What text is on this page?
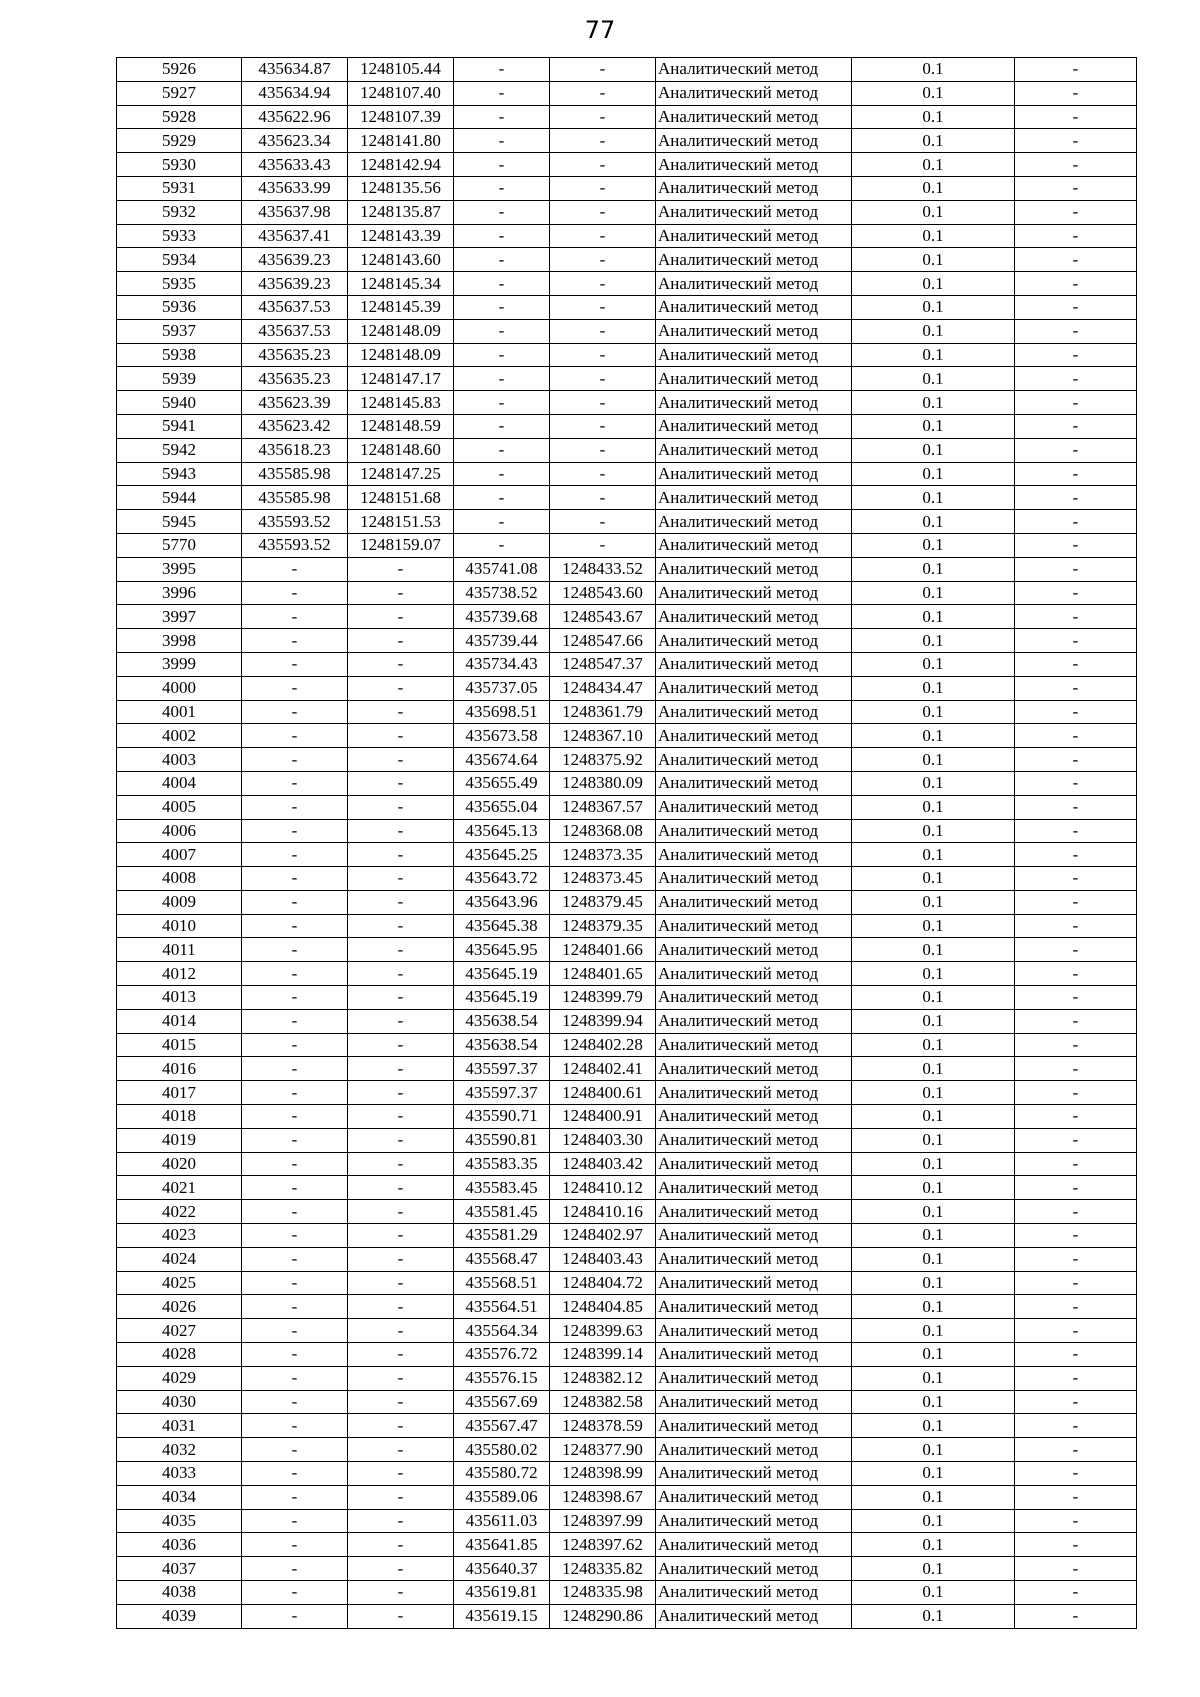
77
5926	435634.87	1248105.44	-	-	Аналитический метод	0.1	-
5927	435634.94	1248107.40	-	-	Аналитический метод	0.1	-
5928	435622.96	1248107.39	-	-	Аналитический метод	0.1	-
5929	435623.34	1248141.80	-	-	Аналитический метод	0.1	-
5930	435633.43	1248142.94	-	-	Аналитический метод	0.1	-
5931	435633.99	1248135.56	-	-	Аналитический метод	0.1	-
5932	435637.98	1248135.87	-	-	Аналитический метод	0.1	-
5933	435637.41	1248143.39	-	-	Аналитический метод	0.1	-
5934	435639.23	1248143.60	-	-	Аналитический метод	0.1	-
5935	435639.23	1248145.34	-	-	Аналитический метод	0.1	-
5936	435637.53	1248145.39	-	-	Аналитический метод	0.1	-
5937	435637.53	1248148.09	-	-	Аналитический метод	0.1	-
5938	435635.23	1248148.09	-	-	Аналитический метод	0.1	-
5939	435635.23	1248147.17	-	-	Аналитический метод	0.1	-
5940	435623.39	1248145.83	-	-	Аналитический метод	0.1	-
5941	435623.42	1248148.59	-	-	Аналитический метод	0.1	-
5942	435618.23	1248148.60	-	-	Аналитический метод	0.1	-
5943	435585.98	1248147.25	-	-	Аналитический метод	0.1	-
5944	435585.98	1248151.68	-	-	Аналитический метод	0.1	-
5945	435593.52	1248151.53	-	-	Аналитический метод	0.1	-
5770	435593.52	1248159.07	-	-	Аналитический метод	0.1	-
3995	-	-	435741.08	1248433.52	Аналитический метод	0.1	-
3996	-	-	435738.52	1248543.60	Аналитический метод	0.1	-
3997	-	-	435739.68	1248543.67	Аналитический метод	0.1	-
3998	-	-	435739.44	1248547.66	Аналитический метод	0.1	-
3999	-	-	435734.43	1248547.37	Аналитический метод	0.1	-
4000	-	-	435737.05	1248434.47	Аналитический метод	0.1	-
4001	-	-	435698.51	1248361.79	Аналитический метод	0.1	-
4002	-	-	435673.58	1248367.10	Аналитический метод	0.1	-
4003	-	-	435674.64	1248375.92	Аналитический метод	0.1	-
4004	-	-	435655.49	1248380.09	Аналитический метод	0.1	-
4005	-	-	435655.04	1248367.57	Аналитический метод	0.1	-
4006	-	-	435645.13	1248368.08	Аналитический метод	0.1	-
4007	-	-	435645.25	1248373.35	Аналитический метод	0.1	-
4008	-	-	435643.72	1248373.45	Аналитический метод	0.1	-
4009	-	-	435643.96	1248379.45	Аналитический метод	0.1	-
4010	-	-	435645.38	1248379.35	Аналитический метод	0.1	-
4011	-	-	435645.95	1248401.66	Аналитический метод	0.1	-
4012	-	-	435645.19	1248401.65	Аналитический метод	0.1	-
4013	-	-	435645.19	1248399.79	Аналитический метод	0.1	-
4014	-	-	435638.54	1248399.94	Аналитический метод	0.1	-
4015	-	-	435638.54	1248402.28	Аналитический метод	0.1	-
4016	-	-	435597.37	1248402.41	Аналитический метод	0.1	-
4017	-	-	435597.37	1248400.61	Аналитический метод	0.1	-
4018	-	-	435590.71	1248400.91	Аналитический метод	0.1	-
4019	-	-	435590.81	1248403.30	Аналитический метод	0.1	-
4020	-	-	435583.35	1248403.42	Аналитический метод	0.1	-
4021	-	-	435583.45	1248410.12	Аналитический метод	0.1	-
4022	-	-	435581.45	1248410.16	Аналитический метод	0.1	-
4023	-	-	435581.29	1248402.97	Аналитический метод	0.1	-
4024	-	-	435568.47	1248403.43	Аналитический метод	0.1	-
4025	-	-	435568.51	1248404.72	Аналитический метод	0.1	-
4026	-	-	435564.51	1248404.85	Аналитический метод	0.1	-
4027	-	-	435564.34	1248399.63	Аналитический метод	0.1	-
4028	-	-	435576.72	1248399.14	Аналитический метод	0.1	-
4029	-	-	435576.15	1248382.12	Аналитический метод	0.1	-
4030	-	-	435567.69	1248382.58	Аналитический метод	0.1	-
4031	-	-	435567.47	1248378.59	Аналитический метод	0.1	-
4032	-	-	435580.02	1248377.90	Аналитический метод	0.1	-
4033	-	-	435580.72	1248398.99	Аналитический метод	0.1	-
4034	-	-	435589.06	1248398.67	Аналитический метод	0.1	-
4035	-	-	435611.03	1248397.99	Аналитический метод	0.1	-
4036	-	-	435641.85	1248397.62	Аналитический метод	0.1	-
4037	-	-	435640.37	1248335.82	Аналитический метод	0.1	-
4038	-	-	435619.81	1248335.98	Аналитический метод	0.1	-
4039	-	-	435619.15	1248290.86	Аналитический метод	0.1	-
